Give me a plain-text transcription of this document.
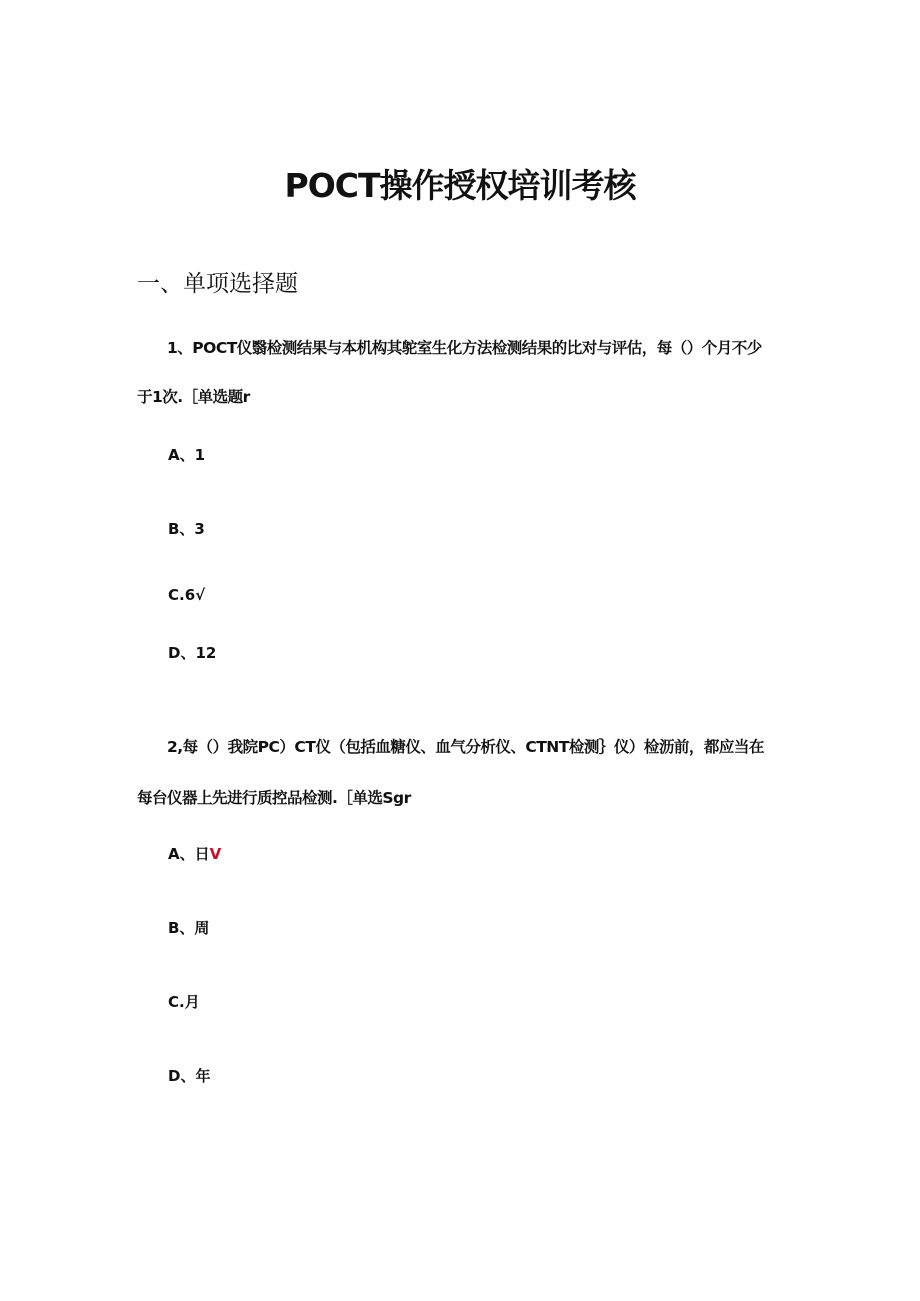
POCT操作授权培训考核
一、单项选择题
1、POCT仪翳检测结果与本机构其鸵室生化方法检测结果的比对与评估，每（）个月不少
于1次.［单选题r
A、1
B、3
C.6√
D、12
2,每（）我院PC）CT仪（包括血糖仪、血气分析仪、CTNT检测｝仪）检沥前，都应当在
每台仪器上先进行质控品检测.［单选Sgr
A、日V
B、周
C.月
D、年
